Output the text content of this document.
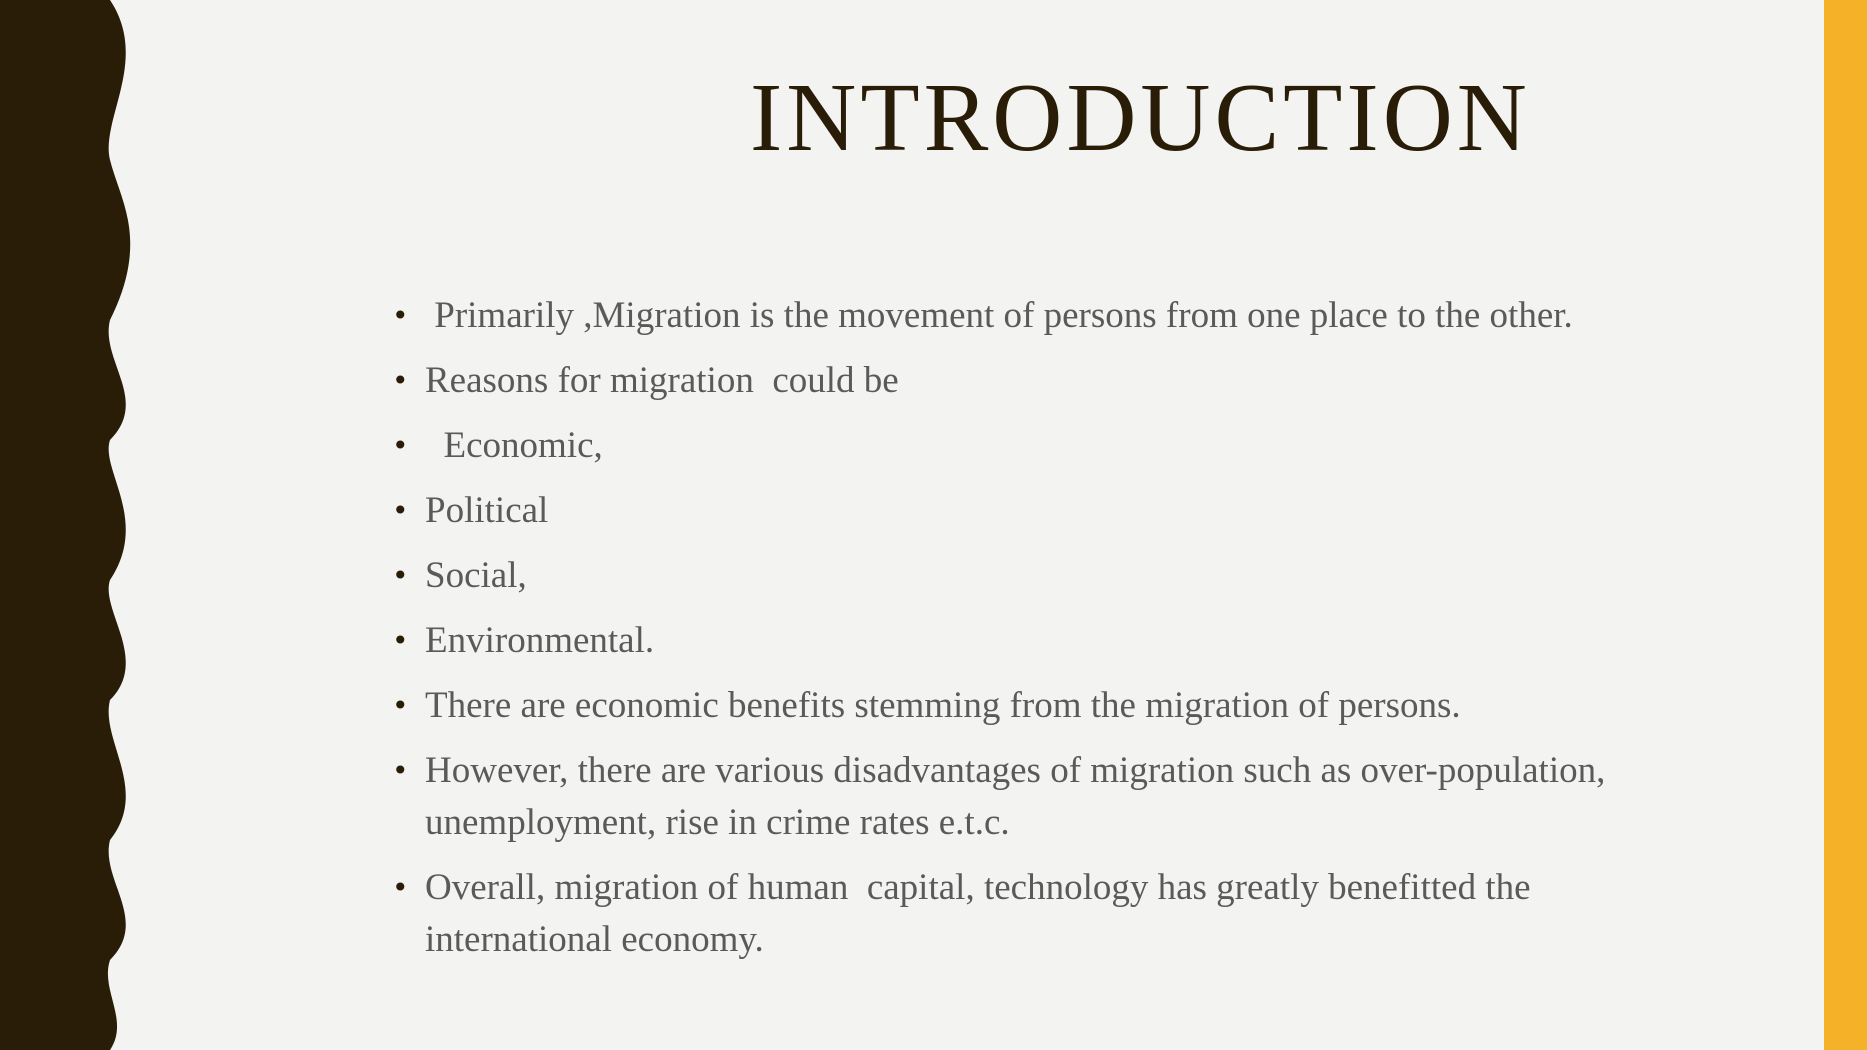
INTRODUCTION
• Primarily ,Migration is the movement of persons from one place to the other.
• Reasons for migration  could be
• Economic,
• Political
• Social,
• Environmental.
• There are economic benefits stemming from the migration of persons.
• However, there are various disadvantages of migration such as over-population, unemployment, rise in crime rates e.t.c.
• Overall, migration of human  capital, technology has greatly benefitted the international economy.
